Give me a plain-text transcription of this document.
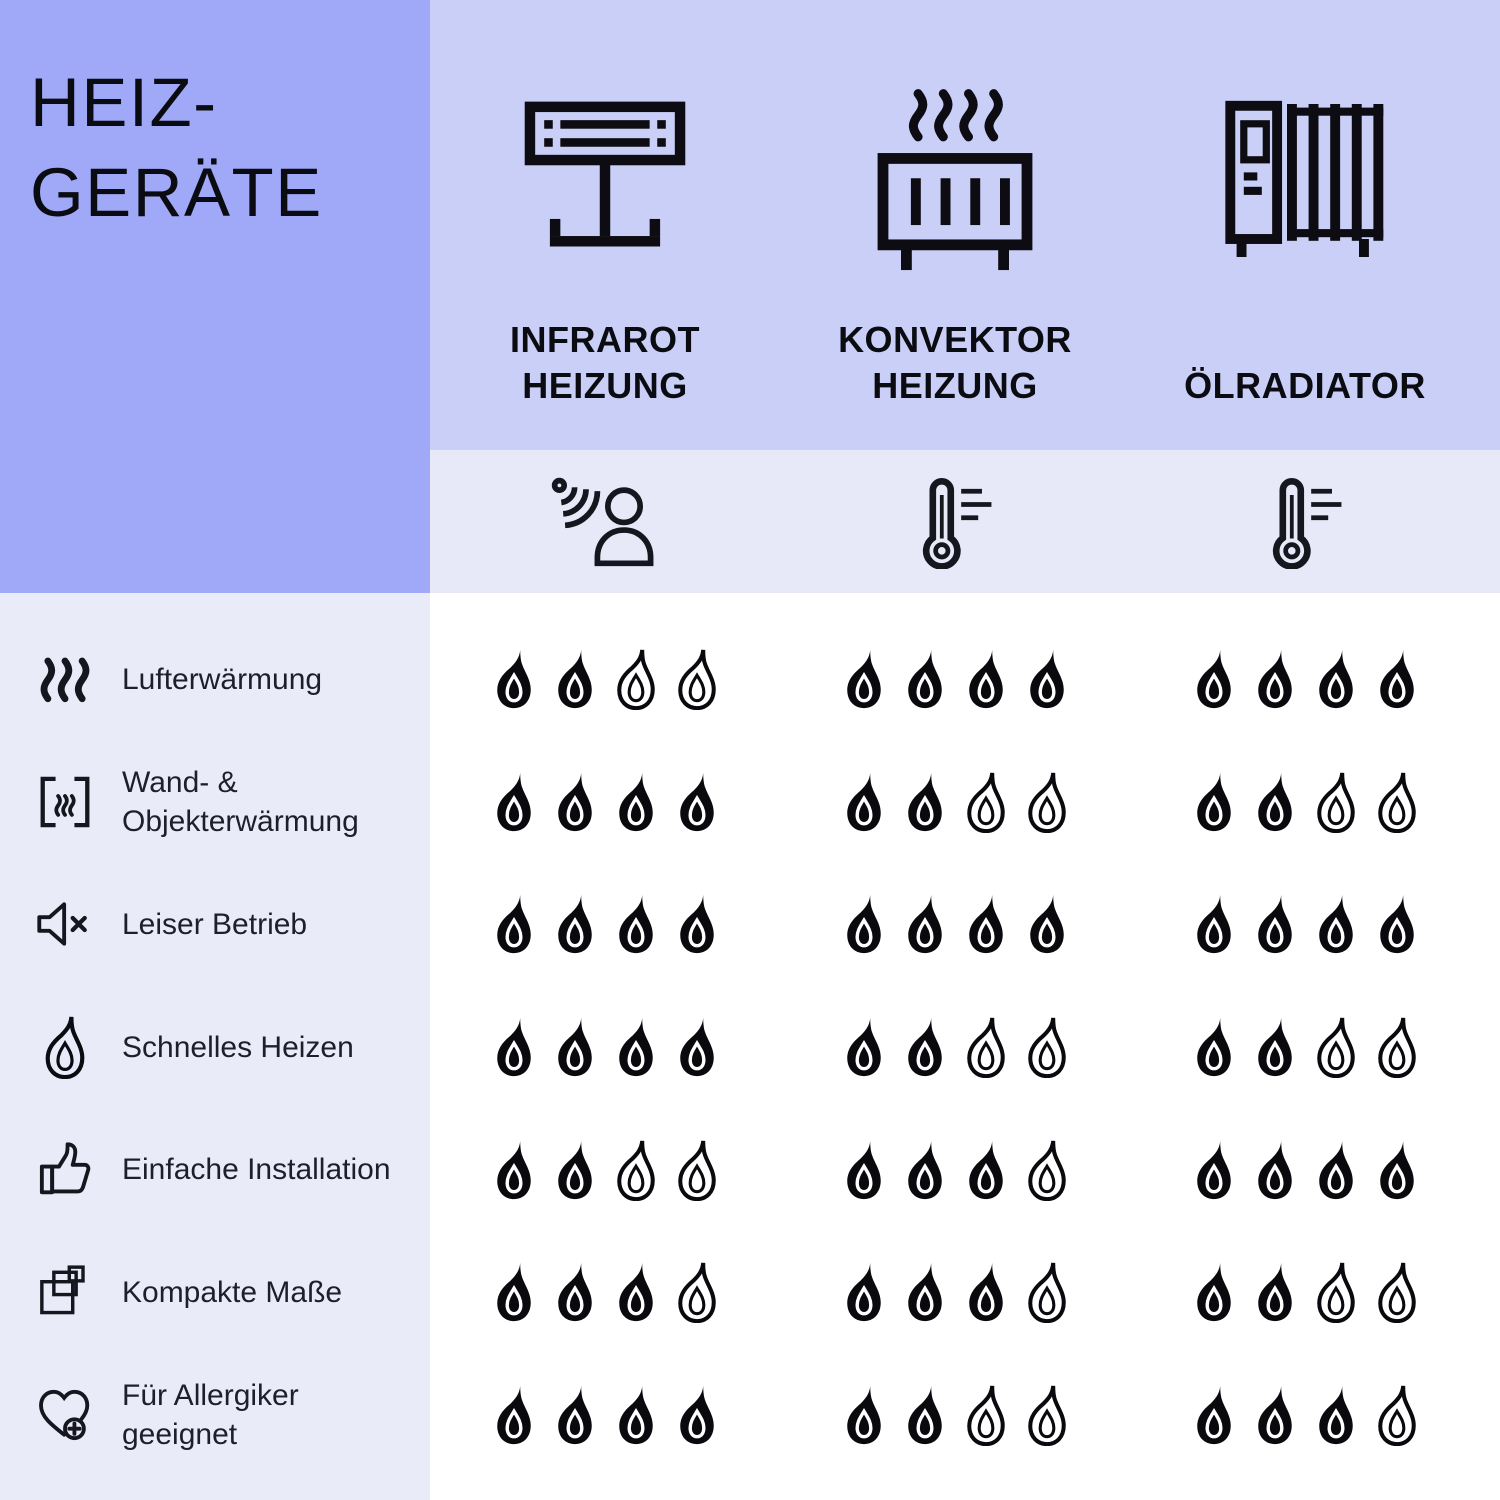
HEIZ-
GERÄTE
INFRAROT
HEIZUNG
KONVEKTOR
HEIZUNG	ÖLRADIATOR
Lufterwärmung
Wand- &
Objekterwärmung
Leiser Betrieb
Schnelles Heizen
Einfache Installation
Kompakte Maße
Für Allergiker
geeignet
